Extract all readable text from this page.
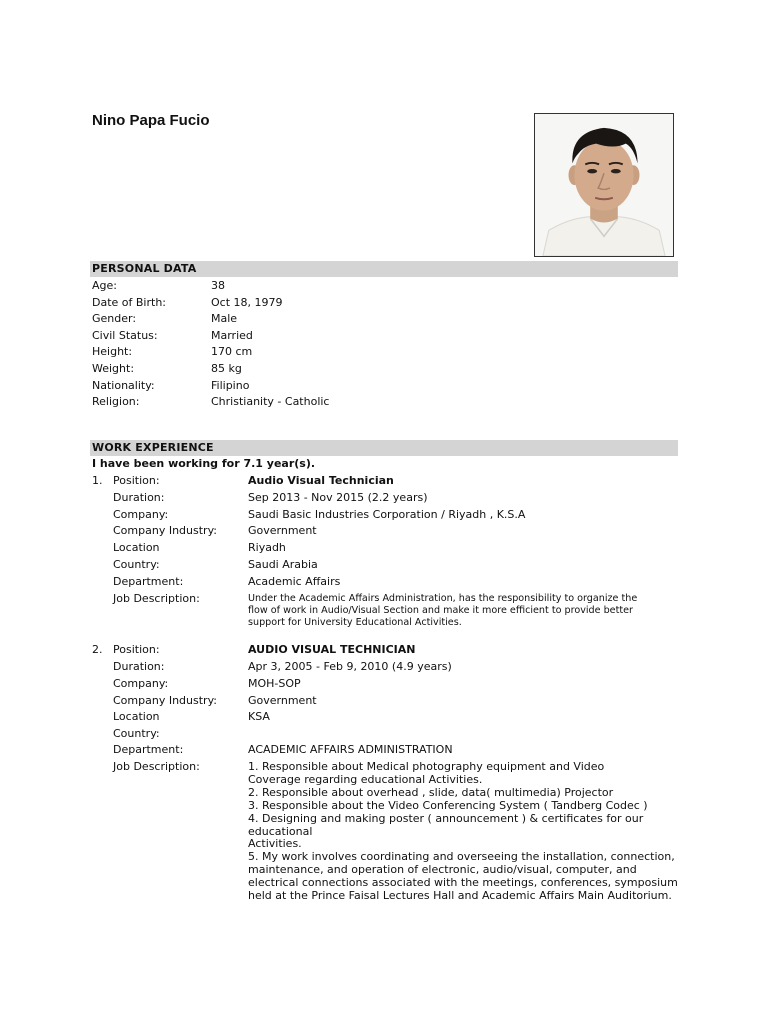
Nino Papa Fucio
PERSONAL DATA
Age:	38
Date of Birth:	Oct 18, 1979
Gender:	Male
Civil Status:	Married
Height:	170 cm
Weight:	85 kg
Nationality:	Filipino
Religion:	Christianity - Catholic
WORK EXPERIENCE
I have been working for 7.1 year(s).
1. Position:	Audio Visual Technician
Duration:	Sep 2013 - Nov 2015 (2.2 years)
Company:	Saudi Basic Industries Corporation / Riyadh , K.S.A
Company Industry:	Government
Location	Riyadh
Country:	Saudi Arabia
Department:	Academic Affairs
Job Description:	Under the Academic Affairs Administration, has the responsibility to organize the
flow of work in Audio/Visual Section and make it more efficient to provide better
support for University Educational Activities.
2. Position:	AUDIO VISUAL TECHNICIAN
Duration:	Apr 3, 2005 - Feb 9, 2010 (4.9 years)
Company:	MOH-SOP
Company Industry:	Government
Location	KSA
Country:
Department:	ACADEMIC AFFAIRS ADMINISTRATION
Job Description:	1. Responsible about Medical photography equipment and Video
Coverage regarding educational Activities.
2. Responsible about overhead , slide, data( multimedia) Projector
3. Responsible about the Video Conferencing System ( Tandberg Codec )
4. Designing and making poster ( announcement ) & certificates for our
educational
Activities.
5. My work involves coordinating and overseeing the installation, connection,
maintenance, and operation of electronic, audio/visual, computer, and
electrical connections associated with the meetings, conferences, symposium
held at the Prince Faisal Lectures Hall and Academic Affairs Main Auditorium.
